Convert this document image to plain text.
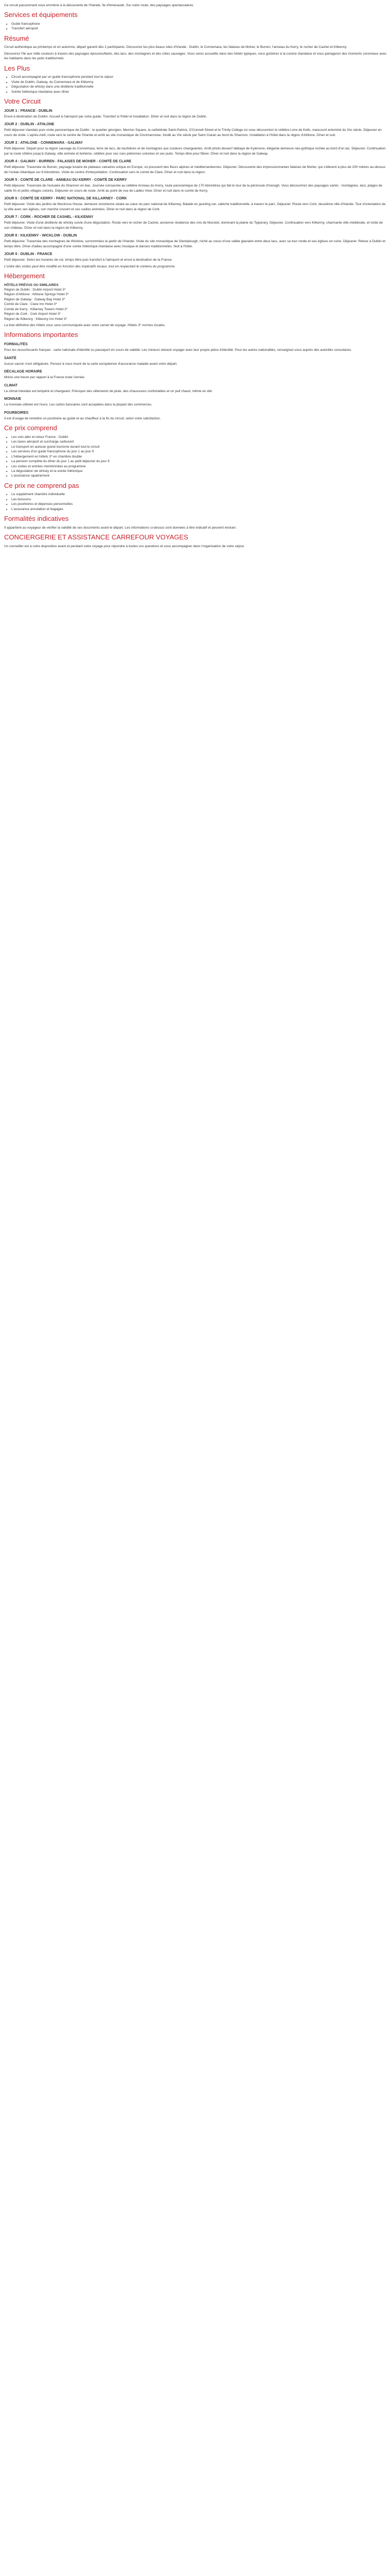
Ce circuit passionnant vous emmène à la découverte de l'Irlande, île d'émeraude. Sur votre route, des paysages spectaculaires.

Services et équipements
• Guide francophone
• Transfert aéroport
Résumé

Circuit authentique au printemps et en automne, départ garanti dès 2 participants. Découvrez les plus beaux sites d'Irlande : Dublin, le Connemara, les falaises de Moher, le Burren, l'anneau du Kerry, le rocher de Cashel et Kilkenny.

Découvrez l'île aux mille couleurs à travers des paysages époustouflants, des lacs, des montagnes et des côtes sauvages. Vous serez accueillis dans des hôtels typiques, vous goûterez à la cuisine irlandaise et vous partagerez des moments conviviaux avec les habitants dans les pubs traditionnels.

Les Plus
• Circuit accompagné par un guide francophone pendant tout le séjour
• Visite de Dublin, Galway, du Connemara et de Kilkenny
• Dégustation de whisky dans une distillerie traditionnelle
• Soirée folklorique irlandaise avec dîner
Votre Circuit
JOUR 1 : FRANCE - DUBLIN

Envol à destination de Dublin. Accueil à l'aéroport par votre guide. Transfert à l'hôtel et installation. Dîner et nuit dans la région de Dublin.

JOUR 2 : DUBLIN - ATHLONE

Petit déjeuner irlandais puis visite panoramique de Dublin : le quartier géorgien, Merrion Square, la cathédrale Saint-Patrick, O'Connell Street et le Trinity College où vous découvrirez le célèbre Livre de Kells, manuscrit enluminé du IXe siècle. Déjeuner en cours de visite. L'après-midi, route vers le centre de l'Irlande et arrêt au site monastique de Clonmacnoise, fondé au VIe siècle par Saint Ciaran au bord du Shannon. Installation à l'hôtel dans la région d'Athlone. Dîner et nuit.

JOUR 3 : ATHLONE - CONNEMARA - GALWAY

Petit déjeuner. Départ pour la région sauvage du Connemara, terre de lacs, de tourbières et de montagnes aux couleurs changeantes. Arrêt photo devant l'abbaye de Kylemore, élégante demeure néo-gothique nichée au bord d'un lac. Déjeuner. Continuation par la route côtière jusqu'à Galway, ville animée et bohème, célèbre pour ses rues piétonnes colorées et ses pubs. Temps libre pour flâner. Dîner et nuit dans la région de Galway.

JOUR 4 : GALWAY - BURREN - FALAISES DE MOHER - COMTÉ DE CLARE

Petit déjeuner. Traversée du Burren, paysage lunaire de plateaux calcaires unique en Europe, où poussent des fleurs alpines et méditerranéennes. Déjeuner. Découverte des impressionnantes falaises de Moher, qui s'élèvent à plus de 200 mètres au-dessus de l'océan Atlantique sur 8 kilomètres. Visite du centre d'interprétation. Continuation vers le comté de Clare. Dîner et nuit dans la région.

JOUR 5 : COMTÉ DE CLARE - ANNEAU DU KERRY - COMTÉ DE KERRY

Petit déjeuner. Traversée de l'estuaire du Shannon en bac. Journée consacrée au célèbre Anneau du Kerry, route panoramique de 170 kilomètres qui fait le tour de la péninsule d'Iveragh. Vous découvrirez des paysages variés : montagnes, lacs, plages de sable fin et petits villages colorés. Déjeuner en cours de route. Arrêt au point de vue de Ladies View. Dîner et nuit dans le comté de Kerry.

JOUR 6 : COMTÉ DE KERRY - PARC NATIONAL DE KILLARNEY - CORK

Petit déjeuner. Visite des jardins de Muckross House, demeure victorienne située au cœur du parc national de Killarney. Balade en jaunting car, calèche traditionnelle, à travers le parc. Déjeuner. Route vers Cork, deuxième ville d'Irlande. Tour d'orientation de la ville avec ses églises, son marché couvert et ses ruelles animées. Dîner et nuit dans la région de Cork.

JOUR 7 : CORK - ROCHER DE CASHEL - KILKENNY

Petit déjeuner. Visite d'une distillerie de whisky suivie d'une dégustation. Route vers le rocher de Cashel, ancienne résidence des rois de Munster, dominant la plaine du Tipperary. Déjeuner. Continuation vers Kilkenny, charmante ville médiévale, et visite de son château. Dîner et nuit dans la région de Kilkenny.

JOUR 8 : KILKENNY - WICKLOW - DUBLIN

Petit déjeuner. Traversée des montagnes de Wicklow, surnommées le jardin de l'Irlande. Visite du site monastique de Glendalough, niché au creux d'une vallée glaciaire entre deux lacs, avec sa tour ronde et ses églises en ruine. Déjeuner. Retour à Dublin et temps libre. Dîner d'adieu accompagné d'une soirée folklorique irlandaise avec musique et danses traditionnelles. Nuit à l'hôtel.

JOUR 9 : DUBLIN - FRANCE

Petit déjeuner. Selon les horaires de vol, temps libre puis transfert à l'aéroport et envol à destination de la France.

L'ordre des visites peut être modifié en fonction des impératifs locaux, tout en respectant le contenu du programme.

Hébergement
HÔTELS PRÉVUS OU SIMILAIRES
Région de Dublin : Dublin Airport Hotel 3*
Région d'Athlone : Athlone Springs Hotel 3*
Région de Galway : Galway Bay Hotel 3*
Comté de Clare : Clare Inn Hotel 3*
Comté de Kerry : Killarney Towers Hotel 3*
Région de Cork : Cork Airport Hotel 3*
Région de Kilkenny : Kilkenny Inn Hotel 3*

La liste définitive des hôtels vous sera communiquée avec votre carnet de voyage. Hôtels 3* normes locales.

Informations importantes
FORMALITÉS

Pour les ressortissants français : carte nationale d'identité ou passeport en cours de validité. Les mineurs doivent voyager avec leur propre pièce d'identité. Pour les autres nationalités, renseignez-vous auprès des autorités consulaires.

SANTÉ

Aucun vaccin n'est obligatoire. Pensez à vous munir de la carte européenne d'assurance maladie avant votre départ.

DÉCALAGE HORAIRE

Moins une heure par rapport à la France toute l'année.

CLIMAT

Le climat irlandais est tempéré et changeant. Prévoyez des vêtements de pluie, des chaussures confortables et un pull chaud, même en été.

MONNAIE

La monnaie utilisée est l'euro. Les cartes bancaires sont acceptées dans la plupart des commerces.

POURBOIRES

Il est d'usage de remettre un pourboire au guide et au chauffeur à la fin du circuit, selon votre satisfaction.

Ce prix comprend
• Les vols aller et retour France - Dublin
• Les taxes aéroport et surcharge carburant
• Le transport en autocar grand tourisme durant tout le circuit
• Les services d'un guide francophone du jour 1 au jour 9
• L'hébergement en hôtels 3* en chambre double
• La pension complète du dîner du jour 1 au petit déjeuner du jour 9
• Les visites et entrées mentionnées au programme
• La dégustation de whisky et la soirée folklorique
• L'assistance rapatriement
Ce prix ne comprend pas
• Le supplément chambre individuelle
• Les boissons
• Les pourboires et dépenses personnelles
• L'assurance annulation et bagages
Formalités indicatives

Il appartient au voyageur de vérifier la validité de ses documents avant le départ. Les informations ci-dessus sont données à titre indicatif et peuvent évoluer.

CONCIERGERIE ET ASSISTANCE CARREFOUR VOYAGES

Un conseiller est à votre disposition avant et pendant votre voyage pour répondre à toutes vos questions et vous accompagner dans l'organisation de votre séjour.
